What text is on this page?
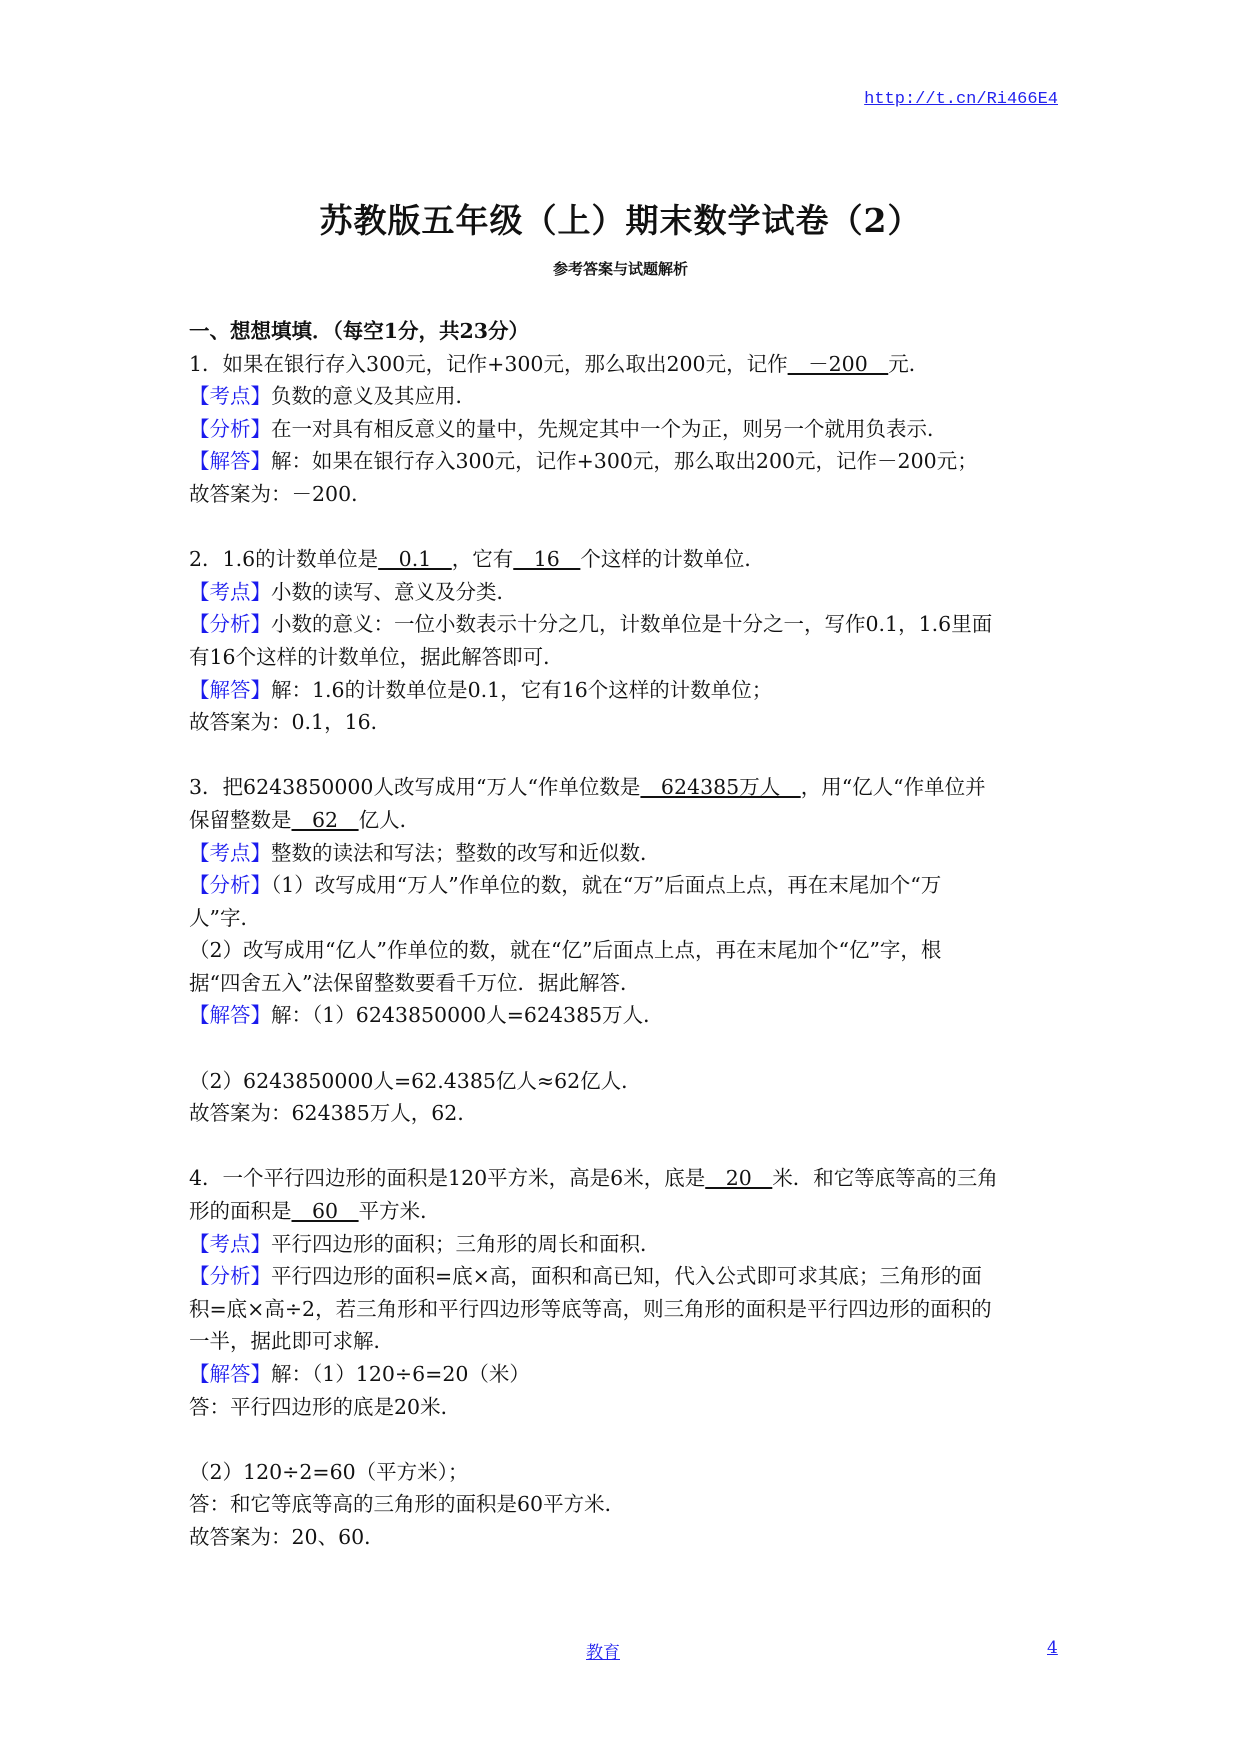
http://t.cn/Ri466E4
苏教版五年级（上）期末数学试卷（2）
参考答案与试题解析
一、想想填填．（每空1分，共23分）
1．如果在银行存入300元，记作+300元，那么取出200元，记作　－200　元．
【考点】负数的意义及其应用．
【分析】在一对具有相反意义的量中，先规定其中一个为正，则另一个就用负表示．
【解答】解：如果在银行存入300元，记作+300元，那么取出200元，记作－200元；
故答案为：－200．
2．1.6的计数单位是　0.1　，它有　16　个这样的计数单位．
【考点】小数的读写、意义及分类．
【分析】小数的意义：一位小数表示十分之几，计数单位是十分之一，写作0.1，1.6里面
有16个这样的计数单位，据此解答即可．
【解答】解：1.6的计数单位是0.1，它有16个这样的计数单位；
故答案为：0.1，16．
3．把6243850000人改写成用“万人“作单位数是　624385万人　，用“亿人“作单位并
保留整数是　62　亿人．
【考点】整数的读法和写法；整数的改写和近似数．
【分析】（1）改写成用“万人”作单位的数，就在“万”后面点上点，再在末尾加个“万
人”字．
（2）改写成用“亿人”作单位的数，就在“亿”后面点上点，再在末尾加个“亿”字，根
据“四舍五入”法保留整数要看千万位．据此解答．
【解答】解：（1）6243850000人=624385万人．
（2）6243850000人=62.4385亿人≈62亿人．
故答案为：624385万人，62．
4．一个平行四边形的面积是120平方米，高是6米，底是　20　米．和它等底等高的三角
形的面积是　60　平方米．
【考点】平行四边形的面积；三角形的周长和面积．
【分析】平行四边形的面积=底×高，面积和高已知，代入公式即可求其底；三角形的面
积=底×高÷2，若三角形和平行四边形等底等高，则三角形的面积是平行四边形的面积的
一半，据此即可求解．
【解答】解：（1）120÷6=20（米）
答：平行四边形的底是20米．
（2）120÷2=60（平方米）；
答：和它等底等高的三角形的面积是60平方米．
故答案为：20、60．
教育	4
